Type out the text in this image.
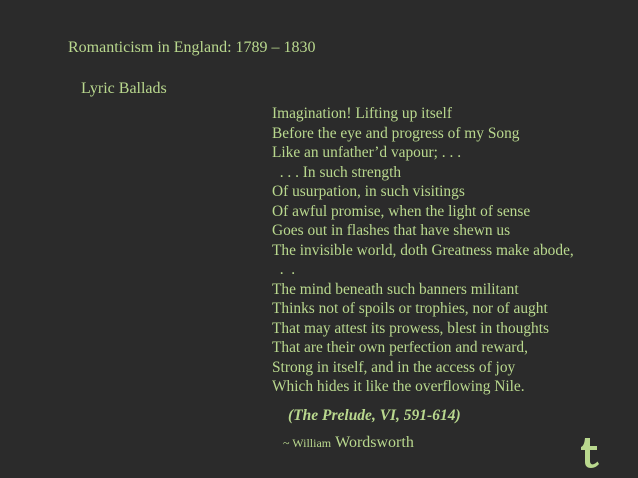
Romanticism in England: 1789 – 1830
Lyric Ballads
Imagination! Lifting up itself
Before the eye and progress of my Song
Like an unfather’d vapour; . . .
. . . In such strength
Of usurpation, in such visitings
Of awful promise, when the light of sense
Goes out in flashes that have shewn us
The invisible world, doth Greatness make abode,
.  .
The mind beneath such banners militant
Thinks not of spoils or trophies, nor of aught
That may attest its prowess, blest in thoughts
That are their own perfection and reward,
Strong in itself, and in the access of joy
Which hides it like the overflowing Nile.
(The Prelude, VI, 591-614)
~ William Wordsworth
